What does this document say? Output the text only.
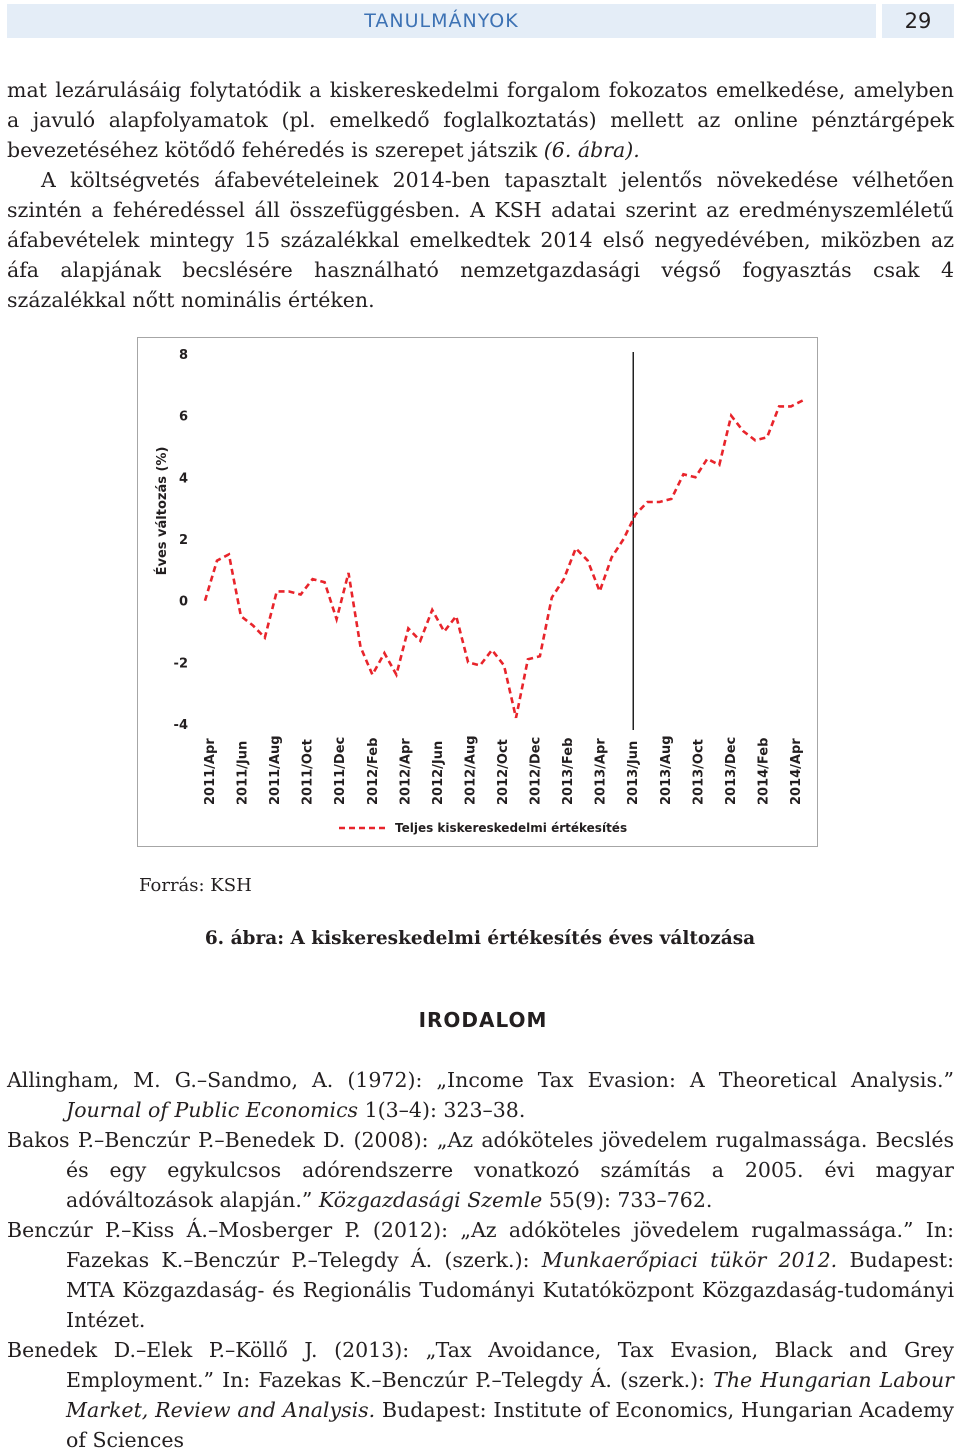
TANULMÁNYOK	29

mat lezárulásáig folytatódik a kiskereskedelmi forgalom fokozatos emelkedése, amelyben a javuló alapfolyamatok (pl. emelkedő foglalkoztatás) mellett az online pénztárgépek bevezetéséhez kötődő fehéredés is szerepet játszik (6. ábra).

A költségvetés áfabevételeinek 2014-ben tapasztalt jelentős növekedése vélhetően szintén a fehéredéssel áll összefüggésben. A KSH adatai szerint az eredményszemléletű áfabevételek mintegy 15 százalékkal emelkedtek 2014 első negyedévében, miközben az áfa alapjának becslésére használható nemzetgazdasági végső fogyasztás csak 4 százalékkal nőtt nominális értéken.

8
6
4
2
0
-2
-4
2011/Apr 2011/Jun 2011/Aug 2011/Oct 2011/Dec 2012/Feb 2012/Apr 2012/Jun 2012/Aug 2012/Oct 2012/Dec 2013/Feb 2013/Apr 2013/Jun 2013/Aug 2013/Oct 2013/Dec 2014/Feb 2014/Apr
Éves változás (%)
Teljes kiskereskedelmi értékesítés
Forrás: KSH
6. ábra: A kiskereskedelmi értékesítés éves változása
IRODALOM
Allingham, M. G.–Sandmo, A. (1972): „Income Tax Evasion: A Theoretical Analysis.” Journal of Public Economics 1(3–4): 323–38.
Bakos P.–Benczúr P.–Benedek D. (2008): „Az adóköteles jövedelem rugalmassága. Becslés és egy egykulcsos adórendszerre vonatkozó számítás a 2005. évi magyar adóváltozások alapján.” Közgazdasági Szemle 55(9): 733–762.
Benczúr P.–Kiss Á.–Mosberger P. (2012): „Az adóköteles jövedelem rugalmassága.” In: Fazekas K.–Benczúr P.–Telegdy Á. (szerk.): Munkaerőpiaci tükör 2012. Budapest: MTA Közgazdaság- és Regionális Tudományi Kutatóközpont Közgazdaság-tudományi Intézet.
Benedek D.–Elek P.–Köllő J. (2013): „Tax Avoidance, Tax Evasion, Black and Grey Employment.” In: Fazekas K.–Benczúr P.–Telegdy Á. (szerk.): The Hungarian Labour Market, Review and Analysis. Budapest: Institute of Economics, Hungarian Academy of Sciences
